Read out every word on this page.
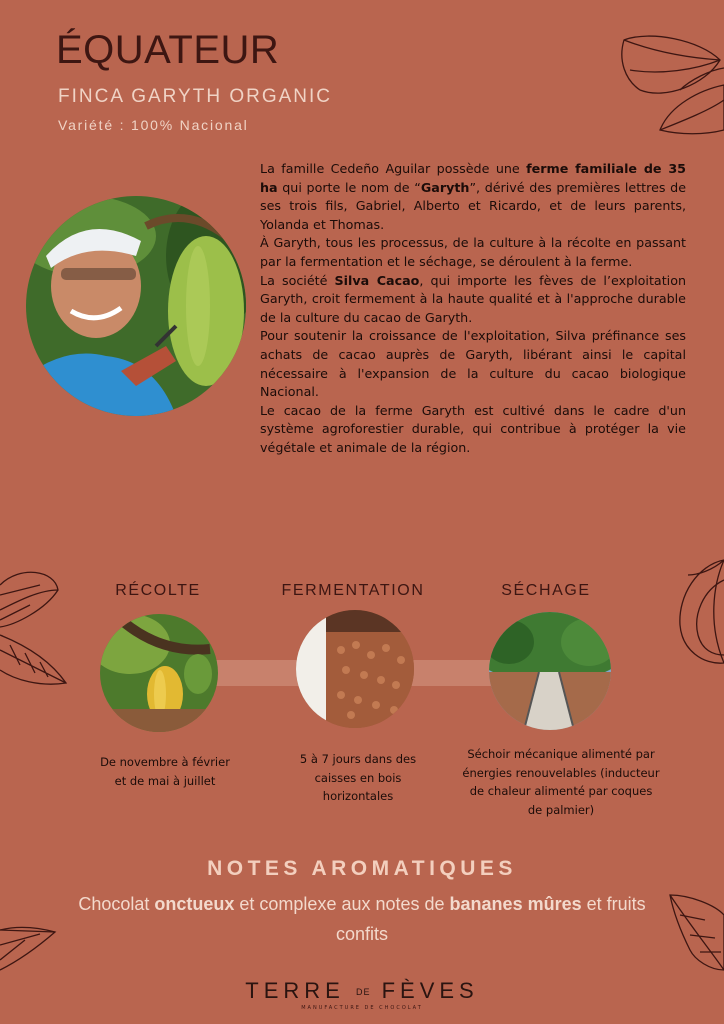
ÉQUATEUR
FINCA GARYTH ORGANIC
Variété : 100% Nacional

La famille Cedeño Aguilar possède une ferme familiale de 35 ha qui porte le nom de “Garyth”, dérivé des premières lettres de ses trois fils, Gabriel, Alberto et Ricardo, et de leurs parents, Yolanda et Thomas.

À Garyth, tous les processus, de la culture à la récolte en passant par la fermentation et le séchage, se déroulent à la ferme.

La société Silva Cacao, qui importe les fèves de l’exploitation Garyth, croit fermement à la haute qualité et à l'approche durable de la culture du cacao de Garyth.

Pour soutenir la croissance de l'exploitation, Silva préfinance ses achats de cacao auprès de Garyth, libérant ainsi le capital nécessaire à l'expansion de la culture du cacao biologique Nacional.

Le cacao de la ferme Garyth est cultivé dans le cadre d'un système agroforestier durable, qui contribue à protéger la vie végétale et animale de la région.

RÉCOLTE	FERMENTATION	SÉCHAGE
De novembre à février
et de mai à juillet
5 à 7 jours dans des
caisses en bois
horizontales
Séchoir mécanique alimenté par
énergies renouvelables (inducteur
de chaleur alimenté par coques
de palmier)
NOTES AROMATIQUES
Chocolat onctueux et complexe aux notes de bananes mûres et fruits confits
TERRE DE FÈVES
MANUFACTURE DE CHOCOLAT
